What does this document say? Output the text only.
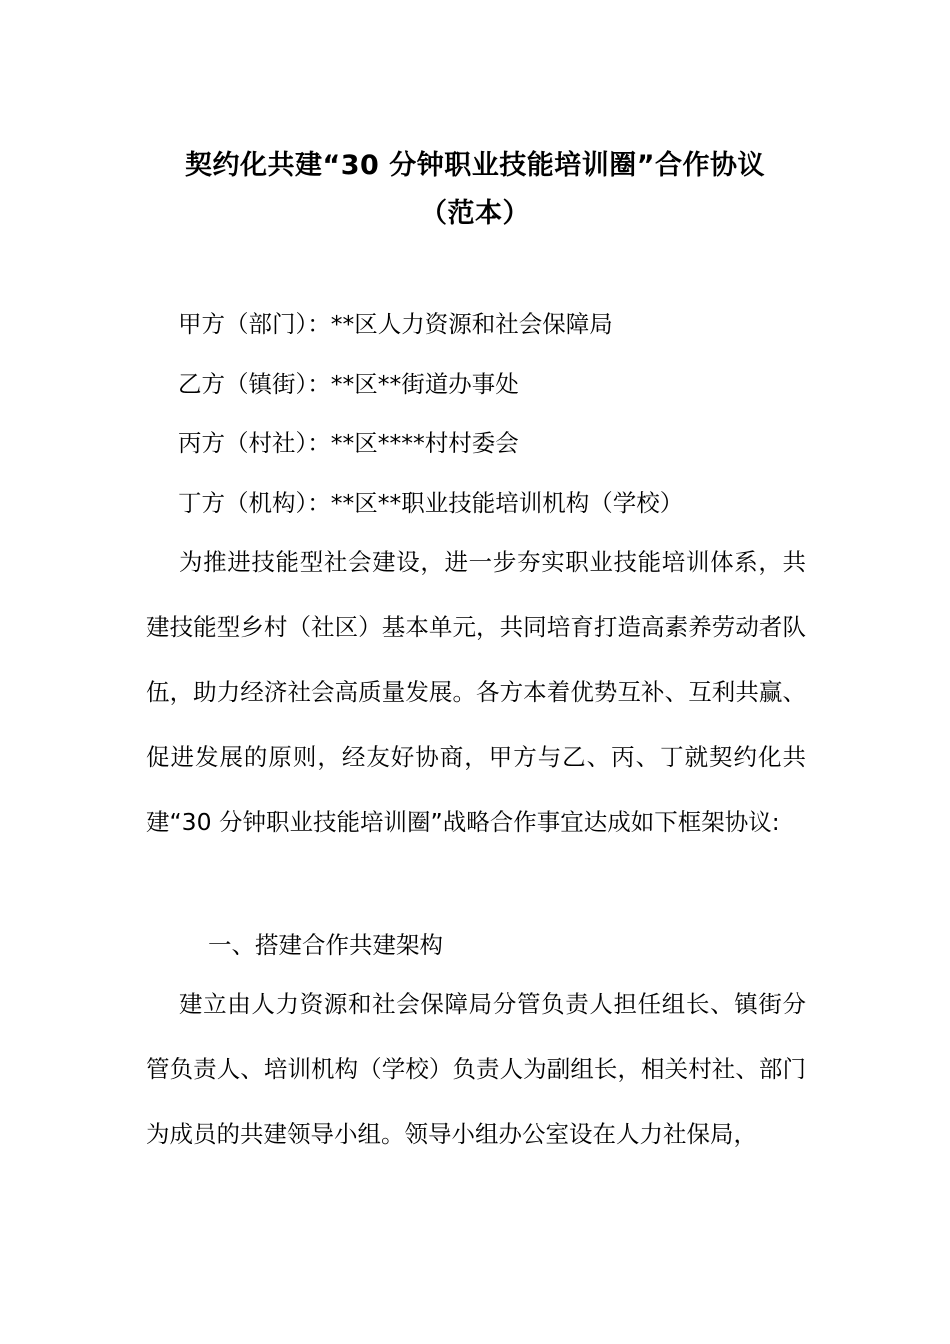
契约化共建“30 分钟职业技能培训圈”合作协议
（范本）
甲方（部门）：**区人力资源和社会保障局
乙方（镇街）：**区**街道办事处
丙方（村社）：**区****村村委会
丁方（机构）：**区**职业技能培训机构（学校）
为推进技能型社会建设，进一步夯实职业技能培训体系，共建技能型乡村（社区）基本单元，共同培育打造高素养劳动者队伍，助力经济社会高质量发展。各方本着优势互补、互利共赢、促进发展的原则，经友好协商，甲方与乙、丙、丁就契约化共建“30 分钟职业技能培训圈”战略合作事宜达成如下框架协议:
一、搭建合作共建架构
建立由人力资源和社会保障局分管负责人担任组长、镇街分管负责人、培训机构（学校）负责人为副组长，相关村社、部门为成员的共建领导小组。领导小组办公室设在人力社保局，
